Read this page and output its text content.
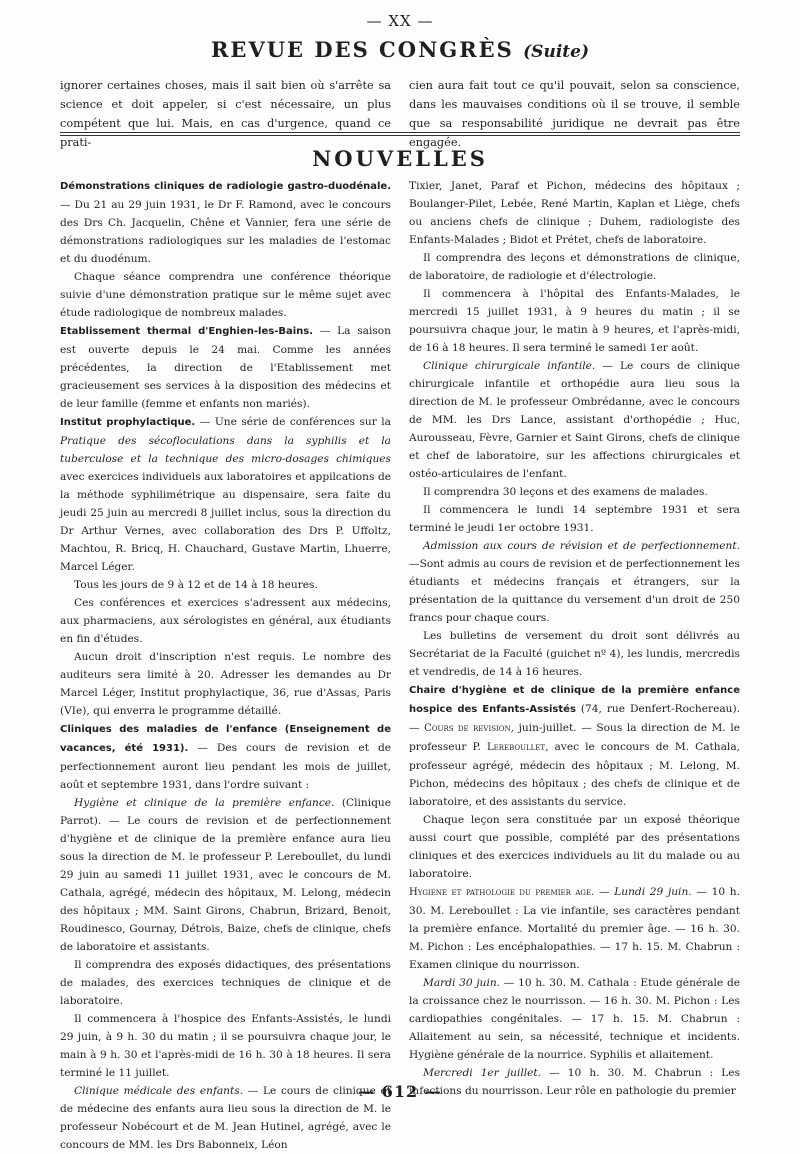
— XX —
REVUE DES CONGRÈS (Suite)

ignorer certaines choses, mais il sait bien où s'arrête sa science et doit appeler, si c'est nécessaire, un plus compétent que lui. Mais, en cas d'urgence, quand ce prati-

cien aura fait tout ce qu'il pouvait, selon sa conscience, dans les mauvaises conditions où il se trouve, il semble que sa responsabilité juridique ne devrait pas être engagée.

NOUVELLES

Démonstrations cliniques de radiologie gastro-duodénale. — Du 21 au 29 juin 1931, le Dr F. Ramond, avec le concours des Drs Ch. Jacquelin, Chêne et Vannier, fera une série de démonstrations radiologiques sur les maladies de l'estomac et du duodénum.

Chaque séance comprendra une conférence théorique suivie d'une démonstration pratique sur le même sujet avec étude radiologique de nombreux malades.

Etablissement thermal d'Enghien-les-Bains. — La saison est ouverte depuis le 24 mai. Comme les années précédentes, la direction de l'Etablissement met gracieusement ses services à la disposition des médecins et de leur famille (femme et enfants non mariés).

Institut prophylactique. — Une série de conférences sur la Pratique des sécofloculations dans la syphilis et la tuberculose et la technique des micro-dosages chimiques avec exercices individuels aux laboratoires et appilcations de la méthode syphilimétrique au dispensaire, sera faite du jeudi 25 juin au mercredi 8 juillet inclus, sous la direction du Dr Arthur Vernes, avec collaboration des Drs P. Uffoltz, Machtou, R. Bricq, H. Chauchard, Gustave Martin, Lhuerre, Marcel Léger.

Tous les jours de 9 à 12 et de 14 à 18 heures.

Ces conférences et exercices s'adressent aux médecins, aux pharmaciens, aux sérologistes en général, aux étudiants en fin d'études.

Aucun droit d'inscription n'est requis. Le nombre des auditeurs sera limité à 20. Adresser les demandes au Dr Marcel Léger, Institut prophylactique, 36, rue d'Assas, Paris (VIe), qui enverra le programme détaillé.

Cliniques des maladies de l'enfance (Enseignement de vacances, été 1931). — Des cours de revision et de perfectionnement auront lieu pendant les mois de juillet, août et septembre 1931, dans l'ordre suivant :

Hygiène et clinique de la première enfance. (Clinique Parrot). — Le cours de revision et de perfectionnement d'hygiène et de clinique de la première enfance aura lieu sous la direction de M. le professeur P. Lereboullet, du lundi 29 juin au samedi 11 juillet 1931, avec le concours de M. Cathala, agrégé, médecin des hôpitaux, M. Lelong, médecin des hôpitaux ; MM. Saint Girons, Chabrun, Brizard, Benoit, Roudinesco, Gournay, Détrois, Baize, chefs de clinique, chefs de laboratoire et assistants.

Il comprendra des exposés didactiques, des présentations de malades, des exercices techniques de clinique et de laboratoire.

Il commencera à l'hospice des Enfants-Assistés, le lundi 29 juin, à 9 h. 30 du matin ; il se poursuivra chaque jour, le main à 9 h. 30 et l'après-midi de 16 h. 30 à 18 heures. Il sera terminé le 11 juillet.

Clinique médicale des enfants. — Le cours de clinique et de médecine des enfants aura lieu sous la direction de M. le professeur Nobécourt et de M. Jean Hutinel, agrégé, avec le concours de MM. les Drs Babonneix, Léon

Tixier, Janet, Paraf et Pichon, médecins des hôpitaux ; Boulanger-Pilet, Lebée, René Martin, Kaplan et Liège, chefs ou anciens chefs de clinique ; Duhem, radiologiste des Enfants-Malades ; Bidot et Prétet, chefs de laboratoire.

Il comprendra des leçons et démonstrations de clinique, de laboratoire, de radiologie et d'électrologie.

Il commencera à l'hôpital des Enfants-Malades, le mercredi 15 juillet 1931, à 9 heures du matin ; il se poursuivra chaque jour, le matin à 9 heures, et l'après-midi, de 16 à 18 heures. Il sera terminé le samedi 1er août.

Clinique chirurgicale infantile. — Le cours de clinique chirurgicale infantile et orthopédie aura lieu sous la direction de M. le professeur Ombrédanne, avec le concours de MM. les Drs Lance, assistant d'orthopédie ; Huc, Aurousseau, Fèvre, Garnier et Saint Girons, chefs de clinique et chef de laboratoire, sur les affections chirurgicales et ostéo-articulaires de l'enfant.

Il comprendra 30 leçons et des examens de malades.

Il commencera le lundi 14 septembre 1931 et sera terminé le jeudi 1er octobre 1931.

Admission aux cours de révision et de perfectionnement. —Sont admis au cours de revision et de perfectionnement les étudiants et médecins français et étrangers, sur la présentation de la quittance du versement d'un droit de 250 francs pour chaque cours.

Les bulletins de versement du droit sont délivrés au Secrétariat de la Faculté (guichet nº 4), les lundis, mercredis et vendredis, de 14 à 16 heures.

Chaire d'hygiène et de clinique de la première enfance hospice des Enfants-Assistés (74, rue Denfert-Rochereau). — Cours de revision, juin-juillet. — Sous la direction de M. le professeur P. Lereboullet, avec le concours de M. Cathala, professeur agrégé, médecin des hôpitaux ; M. Lelong, M. Pichon, médecins des hôpitaux ; des chefs de clinique et de laboratoire, et des assistants du service.

Chaque leçon sera constituée par un exposé théorique aussi court que possible, complété par des présentations cliniques et des exercices individuels au lit du malade ou au laboratoire.

Hygiene et pathologie du premier age. — Lundi 29 juin. — 10 h. 30. M. Lereboullet : La vie infantile, ses caractères pendant la première enfance. Mortalité du premier âge. — 16 h. 30. M. Pichon : Les encéphalopathies. — 17 h. 15. M. Chabrun : Examen clinique du nourrisson.

Mardi 30 juin. — 10 h. 30. M. Cathala : Etude générale de la croissance chez le nourrisson. — 16 h. 30. M. Pichon : Les cardiopathies congénitales. — 17 h. 15. M. Chabrun : Allaitement au sein, sa nécessité, technique et incidents. Hygiène générale de la nourrice. Syphilis et allaitement.

Mercredi 1er juillet. — 10 h. 30. M. Chabrun : Les infections du nourrisson. Leur rôle en pathologie du premier

— 612 —
